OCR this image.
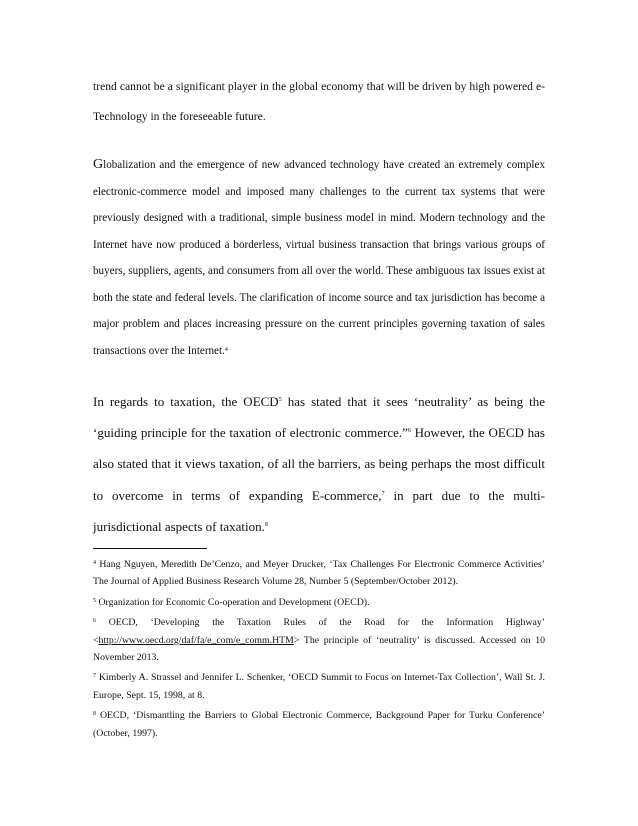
trend cannot be a significant player in the global economy that will be driven by high powered e-Technology in the foreseeable future.

Globalization and the emergence of new advanced technology have created an extremely complex electronic-commerce model and imposed many challenges to the current tax systems that were previously designed with a traditional, simple business model in mind. Modern technology and the Internet have now produced a borderless, virtual business transaction that brings various groups of buyers, suppliers, agents, and consumers from all over the world. These ambiguous tax issues exist at both the state and federal levels. The clarification of income source and tax jurisdiction has become a major problem and places increasing pressure on the current principles governing taxation of sales transactions over the Internet.$^4$

In regards to taxation, the OECD$^5$ has stated that it sees ‘neutrality’ as being the ‘guiding principle for the taxation of electronic commerce.”$^6$ However, the OECD has also stated that it views taxation, of all the barriers, as being perhaps the most difficult to overcome in terms of expanding E-commerce,$^7$ in part due to the multi-jurisdictional aspects of taxation.$^8$

$^4$ Hang Nguyen, Meredith De’Cenzo, and Meyer Drucker, ‘Tax Challenges For Electronic Commerce Activities’ The Journal of Applied Business Research Volume 28, Number 5 (September/October 2012).

$^5$ Organization for Economic Co-operation and Development (OECD).

$^6$ OECD, ‘Developing the Taxation Rules of the Road for the Information Highway’ <http://www.oecd.org/daf/fa/e_com/e_comm.HTM> The principle of ‘neutrality’ is discussed. Accessed on 10 November 2013.

$^7$ Kimberly A. Strassel and Jennifer L. Schenker, ‘OECD Summit to Focus on Internet-Tax Collection’, Wall St. J. Europe, Sept. 15, 1998, at 8.

$^8$ OECD, ‘Dismantling the Barriers to Global Electronic Commerce, Background Paper for Turku Conference’ (October, 1997).
